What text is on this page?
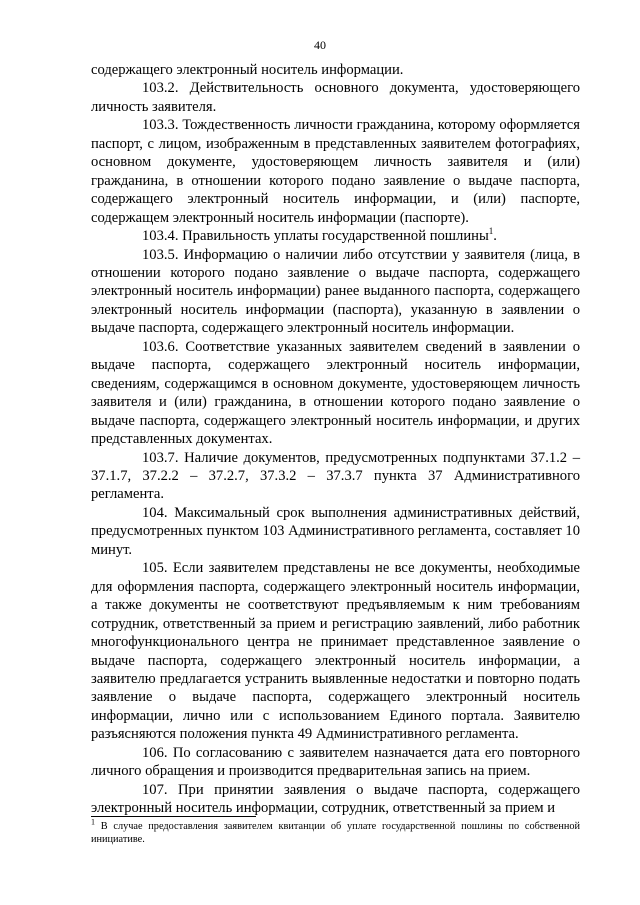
40

содержащего электронный носитель информации.

103.2. Действительность основного документа, удостоверяющего личность заявителя.

103.3. Тождественность личности гражданина, которому оформляется паспорт, с лицом, изображенным в представленных заявителем фотографиях, основном документе, удостоверяющем личность заявителя и (или) гражданина, в отношении которого подано заявление о выдаче паспорта, содержащего электронный носитель информации, и (или) паспорте, содержащем электронный носитель информации (паспорте).

103.4. Правильность уплаты государственной пошлины$^1$.

103.5. Информацию о наличии либо отсутствии у заявителя (лица, в отношении которого подано заявление о выдаче паспорта, содержащего электронный носитель информации) ранее выданного паспорта, содержащего электронный носитель информации (паспорта), указанную в заявлении о выдаче паспорта, содержащего электронный носитель информации.

103.6. Соответствие указанных заявителем сведений в заявлении о выдаче паспорта, содержащего электронный носитель информации, сведениям, содержащимся в основном документе, удостоверяющем личность заявителя и (или) гражданина, в отношении которого подано заявление о выдаче паспорта, содержащего электронный носитель информации, и других представленных документах.

103.7. Наличие документов, предусмотренных подпунктами 37.1.2 – 37.1.7, 37.2.2 – 37.2.7, 37.3.2 – 37.3.7 пункта 37 Административного регламента.

104. Максимальный срок выполнения административных действий, предусмотренных пунктом 103 Административного регламента, составляет 10 минут.

105. Если заявителем представлены не все документы, необходимые для оформления паспорта, содержащего электронный носитель информации, а также документы не соответствуют предъявляемым к ним требованиям сотрудник, ответственный за прием и регистрацию заявлений, либо работник многофункционального центра не принимает представленное заявление о выдаче паспорта, содержащего электронный носитель информации, а заявителю предлагается устранить выявленные недостатки и повторно подать заявление о выдаче паспорта, содержащего электронный носитель информации, лично или с использованием Единого портала. Заявителю разъясняются положения пункта 49 Административного регламента.

106. По согласованию с заявителем назначается дата его повторного личного обращения и производится предварительная запись на прием.

107. При принятии заявления о выдаче паспорта, содержащего электронный носитель информации, сотрудник, ответственный за прием и

$^1$ В случае предоставления заявителем квитанции об уплате государственной пошлины по собственной инициативе.
